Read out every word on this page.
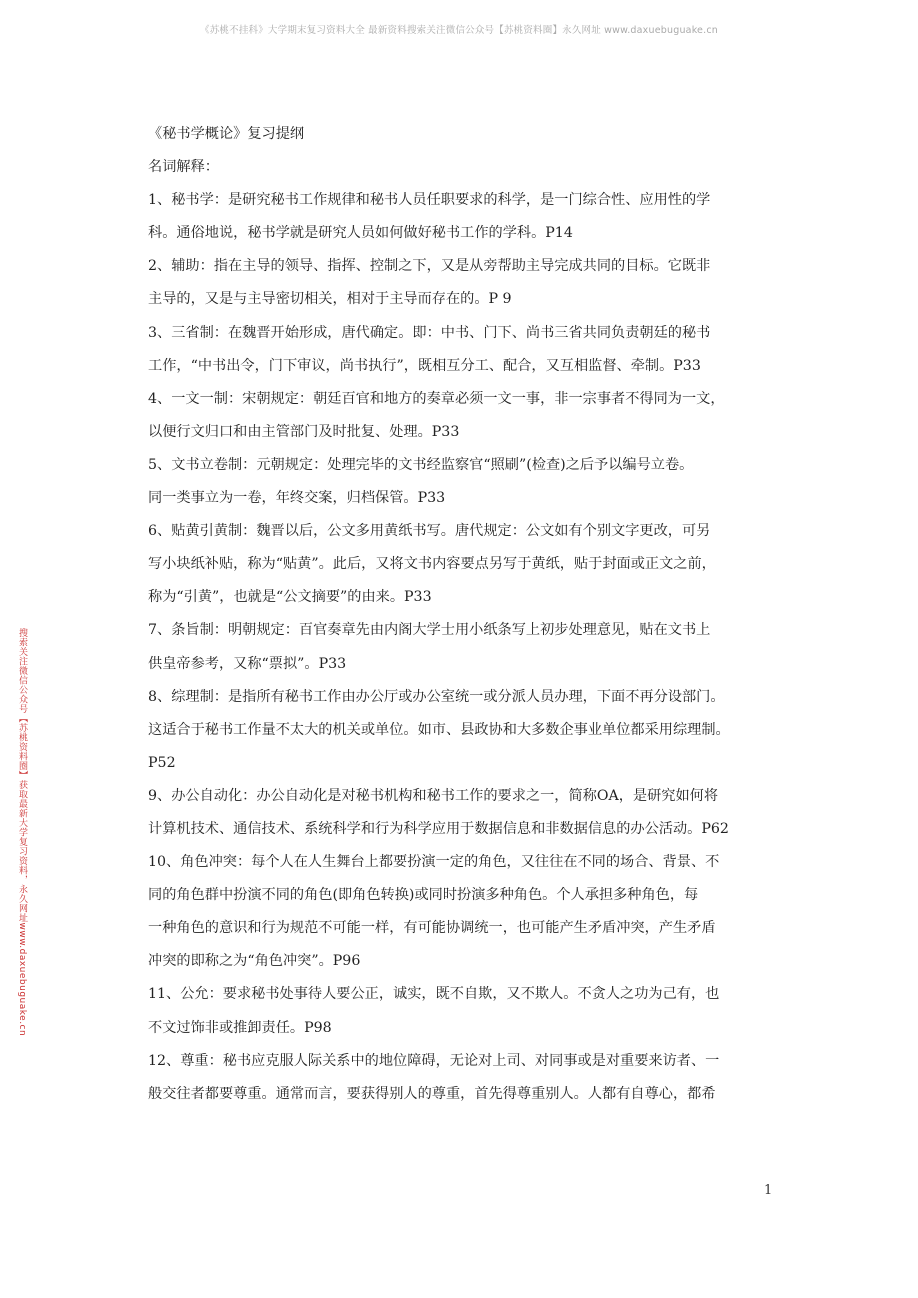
《苏桃不挂科》大学期末复习资料大全 最新资料搜索关注微信公众号【苏桃资料圈】永久网址 www.daxuebuguake.cn
搜索关注微信公众号【苏桃资料圈】获取最新大学复习资料，永久网址www.daxuebuguake.cn

《秘书学概论》复习提纲

名词解释：

1、秘书学：是研究秘书工作规律和秘书人员任职要求的科学，是一门综合性、应用性的学

科。通俗地说，秘书学就是研究人员如何做好秘书工作的学科。P14

2、辅助：指在主导的领导、指挥、控制之下，又是从旁帮助主导完成共同的目标。它既非

主导的，又是与主导密切相关，相对于主导而存在的。P 9

3、三省制：在魏晋开始形成，唐代确定。即：中书、门下、尚书三省共同负责朝廷的秘书

工作，“中书出令，门下审议，尚书执行”，既相互分工、配合，又互相监督、牵制。P33

4、一文一制：宋朝规定：朝廷百官和地方的奏章必须一文一事，非一宗事者不得同为一文，

以便行文归口和由主管部门及时批复、处理。P33

5、文书立卷制：元朝规定：处理完毕的文书经监察官“照刷”(检查)之后予以编号立卷。

同一类事立为一卷，年终交案，归档保管。P33

6、贴黄引黄制：魏晋以后，公文多用黄纸书写。唐代规定：公文如有个别文字更改，可另

写小块纸补贴，称为“贴黄”。此后，又将文书内容要点另写于黄纸，贴于封面或正文之前，

称为“引黄”，也就是“公文摘要”的由来。P33

7、条旨制：明朝规定：百官奏章先由内阁大学士用小纸条写上初步处理意见，贴在文书上

供皇帝参考，又称“票拟”。P33

8、综理制：是指所有秘书工作由办公厅或办公室统一或分派人员办理，下面不再分设部门。

这适合于秘书工作量不太大的机关或单位。如市、县政协和大多数企事业单位都采用综理制。

P52

9、办公自动化：办公自动化是对秘书机构和秘书工作的要求之一，简称OA，是研究如何将

计算机技术、通信技术、系统科学和行为科学应用于数据信息和非数据信息的办公活动。P62

10、角色冲突：每个人在人生舞台上都要扮演一定的角色，又往往在不同的场合、背景、不

同的角色群中扮演不同的角色(即角色转换)或同时扮演多种角色。个人承担多种角色，每

一种角色的意识和行为规范不可能一样，有可能协调统一，也可能产生矛盾冲突，产生矛盾

冲突的即称之为“角色冲突”。P96

11、公允：要求秘书处事待人要公正，诚实，既不自欺，又不欺人。不贪人之功为己有，也

不文过饰非或推卸责任。P98

12、尊重：秘书应克服人际关系中的地位障碍，无论对上司、对同事或是对重要来访者、一

般交往者都要尊重。通常而言，要获得别人的尊重，首先得尊重别人。人都有自尊心，都希

1
